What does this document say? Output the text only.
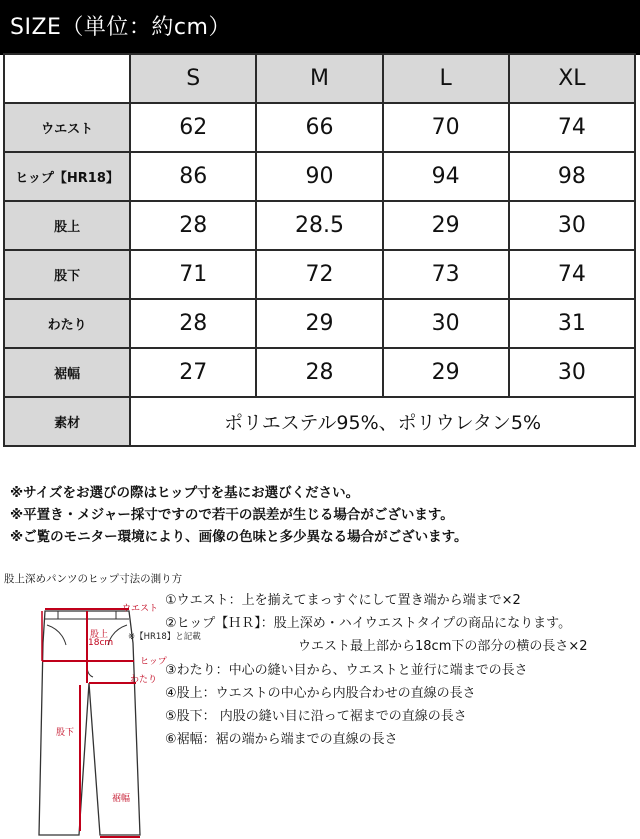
SIZE（単位：約cm）
	S	M	L	XL
ウエスト	62	66	70	74
ヒップ【HR18】	86	90	94	98
股上	28	28.5	29	30
股下	71	72	73	74
わたり	28	29	30	31
裾幅	27	28	29	30
素材	ポリエステル95%、ポリウレタン5%			
※サイズをお選びの際はヒップ寸を基にお選びください。
※平置き・メジャー採寸ですので若干の誤差が生じる場合がございます。
※ご覧のモニター環境により、画像の色味と多少異なる場合がございます。
股上深めパンツのヒップ寸法の測り方
ウエスト
股上
18cm
※【HR18】と記載
ヒップ
わたり
股下
裾幅
①ウエスト：上を揃えてまっすぐにして置き端から端まで×2
②ヒップ【ＨＲ】：股上深め・ハイウエストタイプの商品になります。
ウエスト最上部から18cm下の部分の横の長さ×2
③わたり：中心の縫い目から、ウエストと並行に端までの長さ
④股上：ウエストの中心から内股合わせの直線の長さ
⑤股下： 内股の縫い目に沿って裾までの直線の長さ
⑥裾幅：裾の端から端までの直線の長さ
